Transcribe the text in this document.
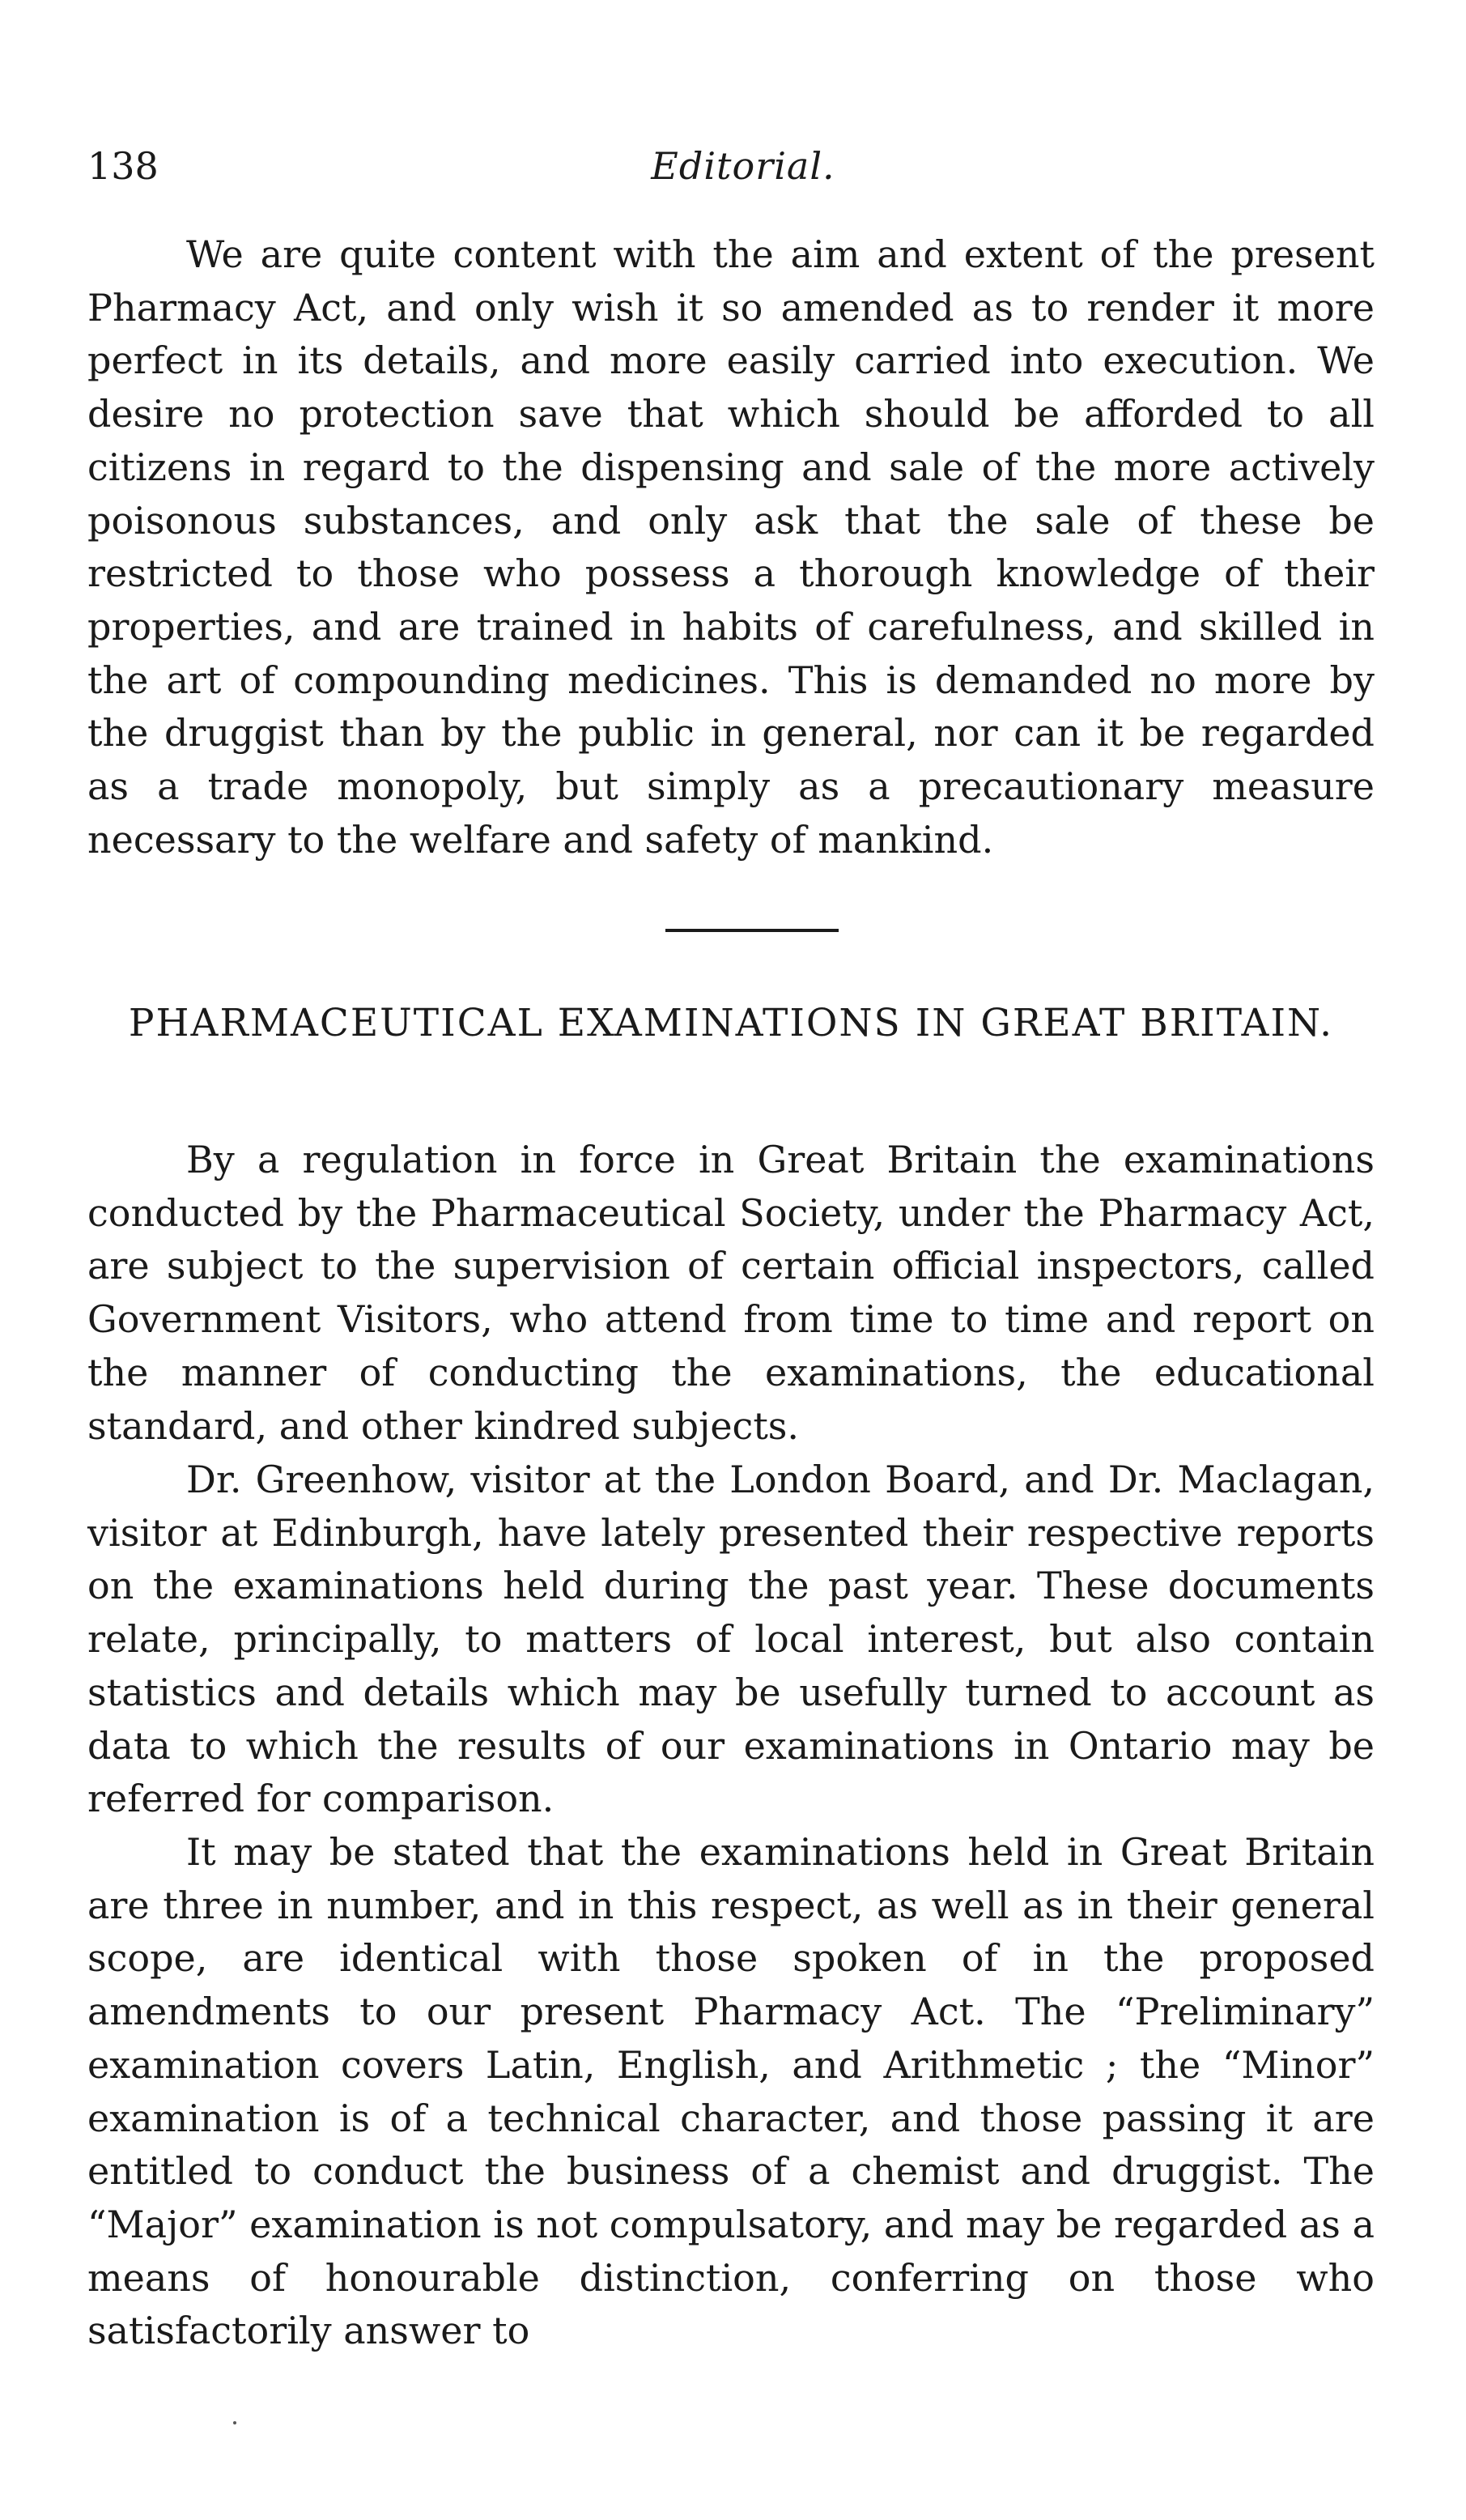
138	Editorial.

We are quite content with the aim and extent of the present Pharmacy Act, and only wish it so amended as to render it more perfect in its details, and more easily carried into execution. We desire no protection save that which should be afforded to all citizens in regard to the dispensing and sale of the more actively poisonous substances, and only ask that the sale of these be restricted to those who possess a thorough knowledge of their properties, and are trained in habits of carefulness, and skilled in the art of compounding medicines. This is demanded no more by the druggist than by the public in general, nor can it be regarded as a trade monopoly, but simply as a precautionary measure necessary to the welfare and safety of mankind.

PHARMACEUTICAL EXAMINATIONS IN GREAT BRITAIN.

By a regulation in force in Great Britain the examinations conducted by the Pharmaceutical Society, under the Pharmacy Act, are subject to the supervision of certain official inspectors, called Government Visitors, who attend from time to time and report on the manner of conducting the examinations, the educational standard, and other kindred subjects.

Dr. Greenhow, visitor at the London Board, and Dr. Maclagan, visitor at Edinburgh, have lately presented their respective reports on the examinations held during the past year. These documents relate, principally, to matters of local interest, but also contain statistics and details which may be usefully turned to account as data to which the results of our examinations in Ontario may be referred for comparison.

It may be stated that the examinations held in Great Britain are three in number, and in this respect, as well as in their general scope, are identical with those spoken of in the proposed amendments to our present Pharmacy Act. The “Preliminary” examination covers Latin, English, and Arithmetic ; the “Minor” examination is of a technical character, and those passing it are entitled to conduct the business of a chemist and druggist. The “Major” examination is not compulsatory, and may be regarded as a means of honourable distinction, conferring on those who satisfactorily answer to
